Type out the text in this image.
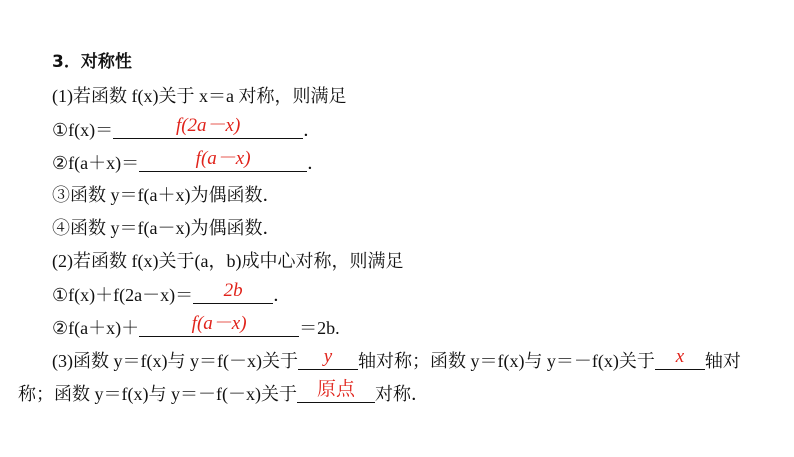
3．对称性
(1)若函数 f(x)关于 x＝a 对称，则满足
①f(x)＝	f(2a－x)	．
②f(a＋x)＝	f(a－x)	．
③函数 y＝f(a＋x)为偶函数．
④函数 y＝f(a－x)为偶函数．
(2)若函数 f(x)关于(a，b)成中心对称，则满足
①f(x)＋f(2a－x)＝	2b	．
②f(a＋x)＋	f(a－x)	＝2b.
(3)函数 y＝f(x)与 y＝f(－x)关于	y	轴对称；函数 y＝f(x)与 y＝－f(x)关于	x	轴对
称；函数 y＝f(x)与 y＝－f(－x)关于	原点	对称．
